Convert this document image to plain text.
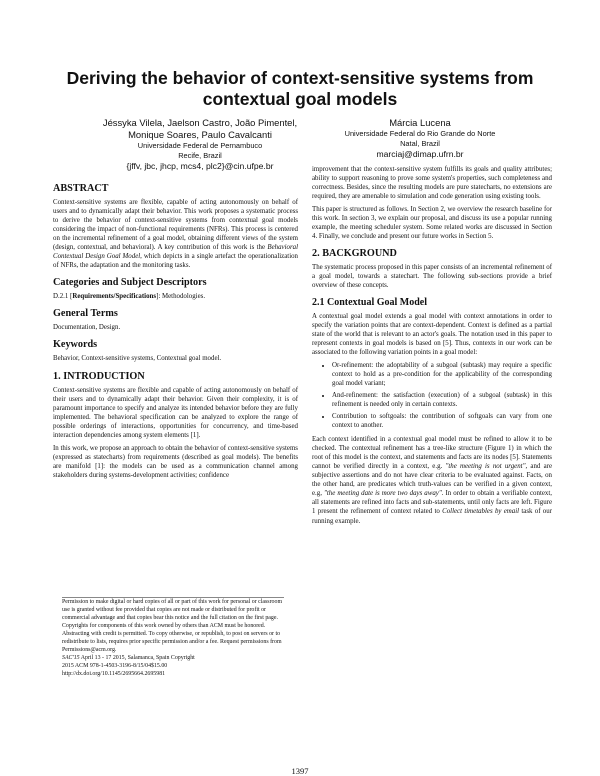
Deriving the behavior of context-sensitive systems from contextual goal models
Jéssyka Vilela, Jaelson Castro, João Pimentel,
Monique Soares, Paulo Cavalcanti
Universidade Federal de Pernambuco
Recife, Brazil
{jffv, jbc, jhcp, mcs4, plc2}@cin.ufpe.br
Márcia Lucena
Universidade Federal do Rio Grande do Norte
Natal, Brazil
marciaj@dimap.ufrn.br
ABSTRACT

Context-sensitive systems are flexible, capable of acting autonomously on behalf of users and to dynamically adapt their behavior. This work proposes a systematic process to derive the behavior of context-sensitive systems from contextual goal models considering the impact of non-functional requirements (NFRs). This process is centered on the incremental refinement of a goal model, obtaining different views of the system (design, contextual, and behavioral). A key contribution of this work is the Behavioral Contextual Design Goal Model, which depicts in a single artefact the operationalization of NFRs, the adaptation and the monitoring tasks.

Categories and Subject Descriptors

D.2.1 [Requirements/Specifications]: Methodologies.

General Terms

Documentation, Design.

Keywords

Behavior, Context-sensitive systems, Contextual goal model.

1. INTRODUCTION

Context-sensitive systems are flexible and capable of acting autonomously on behalf of their users and to dynamically adapt their behavior. Given their complexity, it is of paramount importance to specify and analyze its intended behavior before they are fully implemented. The behavioral specification can be analyzed to explore the range of possible orderings of interactions, opportunities for concurrency, and time-based interaction dependencies among system elements [1].

In this work, we propose an approach to obtain the behavior of context-sensitive systems (expressed as statecharts) from requirements (described as goal models). The benefits are manifold [1]: the models can be used as a communication channel among stakeholders during systems-development activities; confidence

Permission to make digital or hard copies of all or part of this work for personal or classroom use is granted without fee provided that copies are not made or distributed for profit or commercial advantage and that copies bear this notice and the full citation on the first page. Copyrights for components of this work owned by others than ACM must be honored. Abstracting with credit is permitted. To copy otherwise, or republish, to post on servers or to redistribute to lists, requires prior specific permission and/or a fee. Request permissions from Permissions@acm.org.

SAC'15 April 13 - 17 2015, Salamanca, Spain Copyright

2015 ACM 978-1-4503-3196-8/15/04$15.00

http://dx.doi.org/10.1145/2695664.2695981

improvement that the context-sensitive system fulfills its goals and quality attributes; ability to support reasoning to prove some system's properties, such completeness and correctness. Besides, since the resulting models are pure statecharts, no extensions are required, they are amenable to simulation and code generation using existing tools.

This paper is structured as follows. In Section 2, we overview the research baseline for this work. In section 3, we explain our proposal, and discuss its use a popular running example, the meeting scheduler system. Some related works are discussed in Section 4. Finally, we conclude and present our future works in Section 5.

2. BACKGROUND

The systematic process proposed in this paper consists of an incremental refinement of a goal model, towards a statechart. The following sub-sections provide a brief overview of these concepts.

2.1 Contextual Goal Model

A contextual goal model extends a goal model with context annotations in order to specify the variation points that are context-dependent. Context is defined as a partial state of the world that is relevant to an actor's goals. The notation used in this paper to represent contexts in goal models is based on [5]. Thus, contexts in our work can be associated to the following variation points in a goal model:

• Or-refinement: the adoptability of a subgoal (subtask) may require a specific context to hold as a pre-condition for the applicability of the corresponding goal model variant;
• And-refinement: the satisfaction (execution) of a subgoal (subtask) in this refinement is needed only in certain contexts.
• Contribution to softgoals: the contribution of softgoals can vary from one context to another.

Each context identified in a contextual goal model must be refined to allow it to be checked. The contextual refinement has a tree-like structure (Figure 1) in which the root of this model is the context, and statements and facts are its nodes [5]. Statements cannot be verified directly in a context, e.g. "the meeting is not urgent", and are subjective assertions and do not have clear criteria to be evaluated against. Facts, on the other hand, are predicates which truth-values can be verified in a given context, e.g, "the meeting date is more two days away". In order to obtain a verifiable context, all statements are refined into facts and sub-statements, until only facts are left. Figure 1 present the refinement of context related to Collect timetables by email task of our running example.

1397
